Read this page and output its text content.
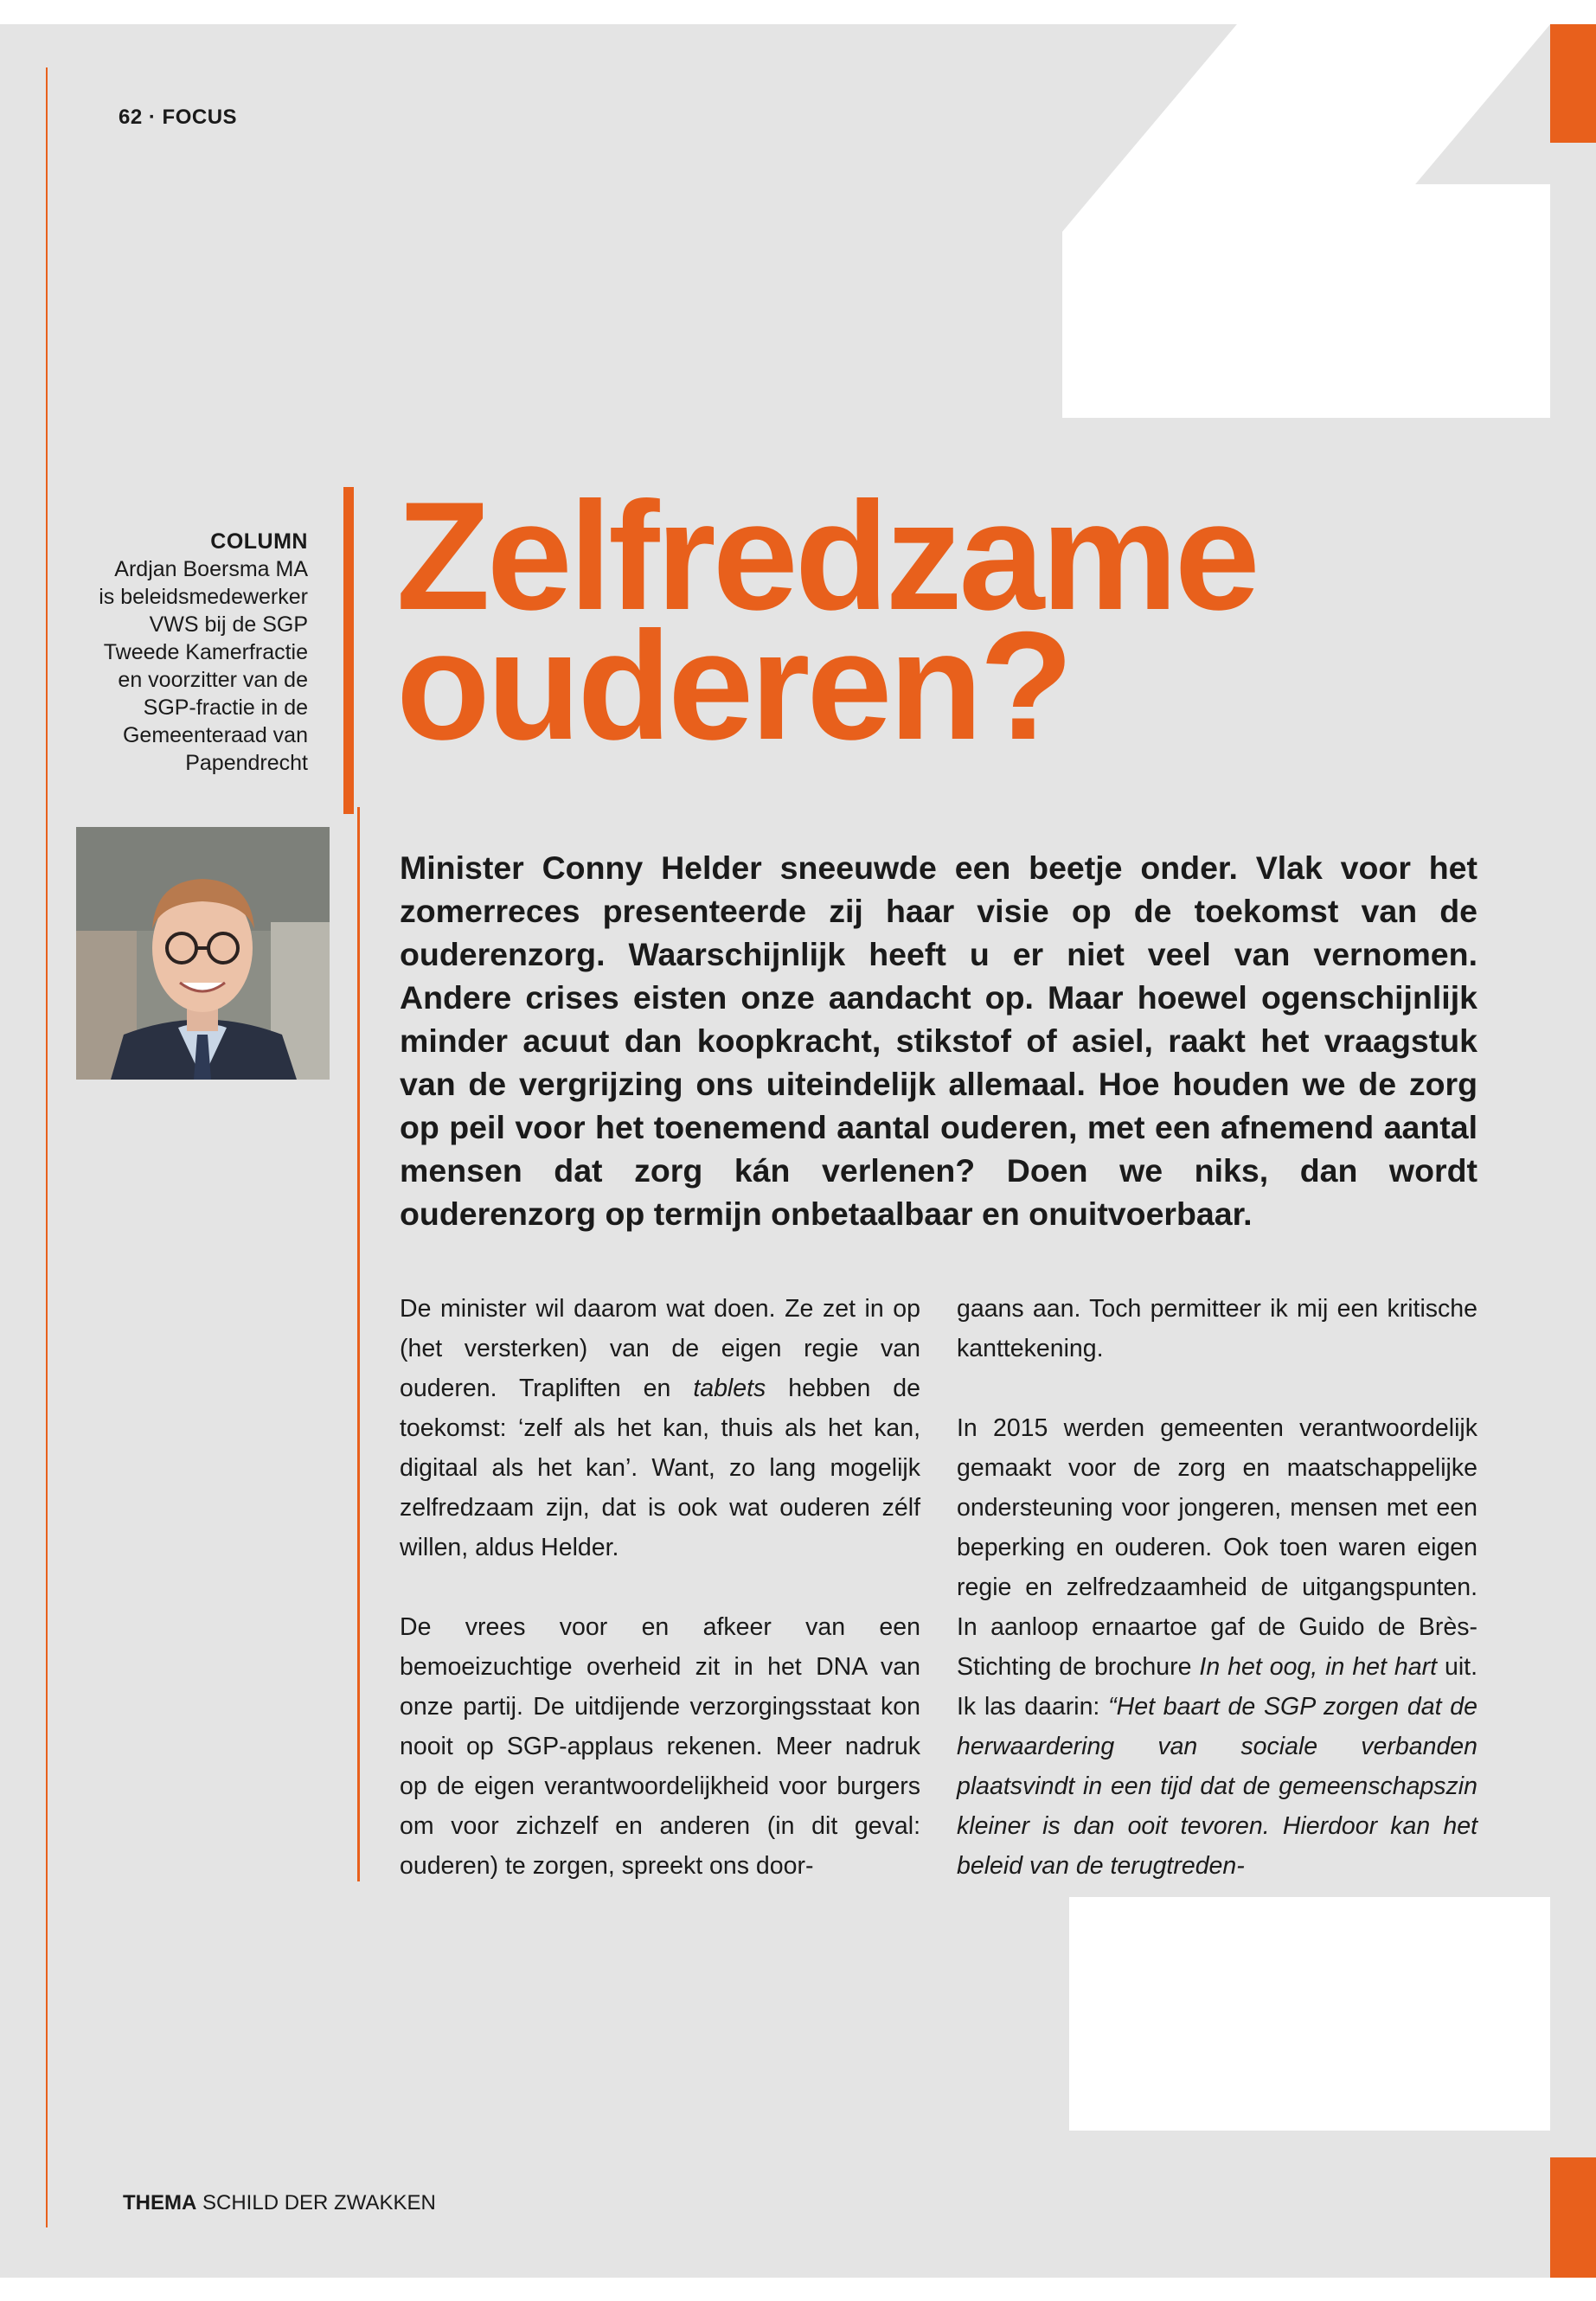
62 · FOCUS
COLUMN
Ardjan Boersma MA
is beleidsmedewerker
VWS bij de SGP
Tweede Kamerfractie
en voorzitter van de
SGP-fractie in de
Gemeenteraad van
Papendrecht
Zelfredzame
ouderen?

Minister Conny Helder sneeuwde een beetje onder. Vlak voor het zomerreces presenteerde zij haar visie op de toekomst van de ouderenzorg. Waarschijnlijk heeft u er niet veel van vernomen. Andere crises eisten onze aandacht op. Maar hoewel ogenschijnlijk minder acuut dan koopkracht, stikstof of asiel, raakt het vraagstuk van de vergrijzing ons uiteindelijk allemaal. Hoe houden we de zorg op peil voor het toenemend aantal ouderen, met een afnemend aantal mensen dat zorg kán verlenen? Doen we niks, dan wordt ouderenzorg op termijn onbetaalbaar en onuitvoerbaar.

De minister wil daarom wat doen. Ze zet in op (het versterken) van de eigen regie van ouderen. Trapliften en tablets hebben de toekomst: ‘zelf als het kan, thuis als het kan, digitaal als het kan’. Want, zo lang mogelijk zelfredzaam zijn, dat is ook wat ouderen zélf willen, aldus Helder.

De vrees voor en afkeer van een bemoeizuchtige overheid zit in het DNA van onze partij. De uitdijende verzorgingsstaat kon nooit op SGP-applaus rekenen. Meer nadruk op de eigen verantwoordelijkheid voor burgers om voor zichzelf en anderen (in dit geval: ouderen) te zorgen, spreekt ons door-

gaans aan. Toch permitteer ik mij een kritische kanttekening.

In 2015 werden gemeenten verantwoordelijk gemaakt voor de zorg en maatschappelijke ondersteuning voor jongeren, mensen met een beperking en ouderen. Ook toen waren eigen regie en zelfredzaamheid de uitgangspunten. In aanloop ernaartoe gaf de Guido de Brès-Stichting de brochure In het oog, in het hart uit. Ik las daarin: “Het baart de SGP zorgen dat de herwaardering van sociale verbanden plaatsvindt in een tijd dat de gemeenschapszin kleiner is dan ooit tevoren. Hierdoor kan het beleid van de terugtreden-

THEMA SCHILD DER ZWAKKEN
